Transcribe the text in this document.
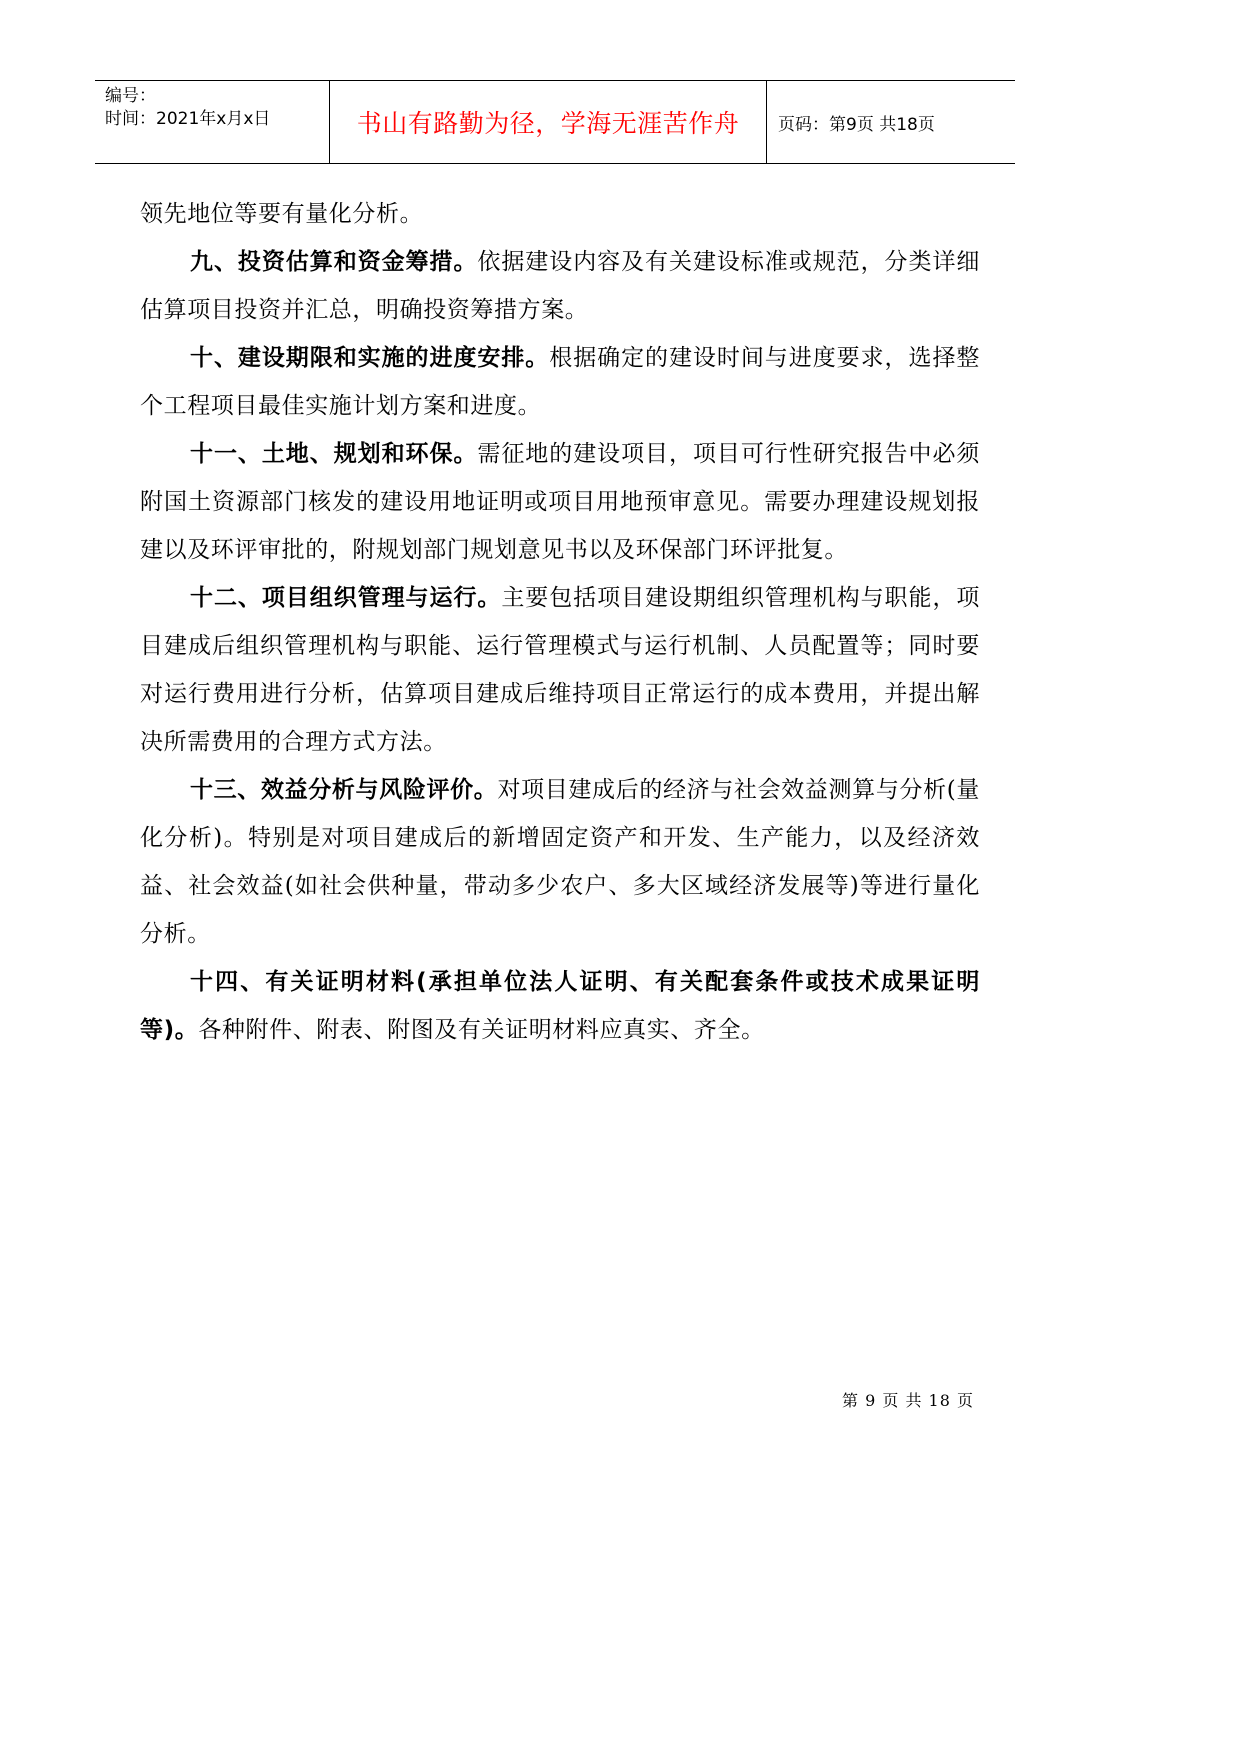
编号：
时间：2021年x月x日	书山有路勤为径，学海无涯苦作舟 页码：第9页 共18页

领先地位等要有量化分析。

九、投资估算和资金筹措。依据建设内容及有关建设标准或规范，分类详细估算项目投资并汇总，明确投资筹措方案。

十、建设期限和实施的进度安排。根据确定的建设时间与进度要求，选择整个工程项目最佳实施计划方案和进度。

十一、土地、规划和环保。需征地的建设项目，项目可行性研究报告中必须附国土资源部门核发的建设用地证明或项目用地预审意见。需要办理建设规划报建以及环评审批的，附规划部门规划意见书以及环保部门环评批复。

十二、项目组织管理与运行。主要包括项目建设期组织管理机构与职能，项目建成后组织管理机构与职能、运行管理模式与运行机制、人员配置等；同时要对运行费用进行分析，估算项目建成后维持项目正常运行的成本费用，并提出解决所需费用的合理方式方法。

十三、效益分析与风险评价。对项目建成后的经济与社会效益测算与分析(量化分析)。特别是对项目建成后的新增固定资产和开发、生产能力，以及经济效益、社会效益(如社会供种量，带动多少农户、多大区域经济发展等)等进行量化分析。

十四、有关证明材料(承担单位法人证明、有关配套条件或技术成果证明等)。各种附件、附表、附图及有关证明材料应真实、齐全。

第 9 页 共 18 页
